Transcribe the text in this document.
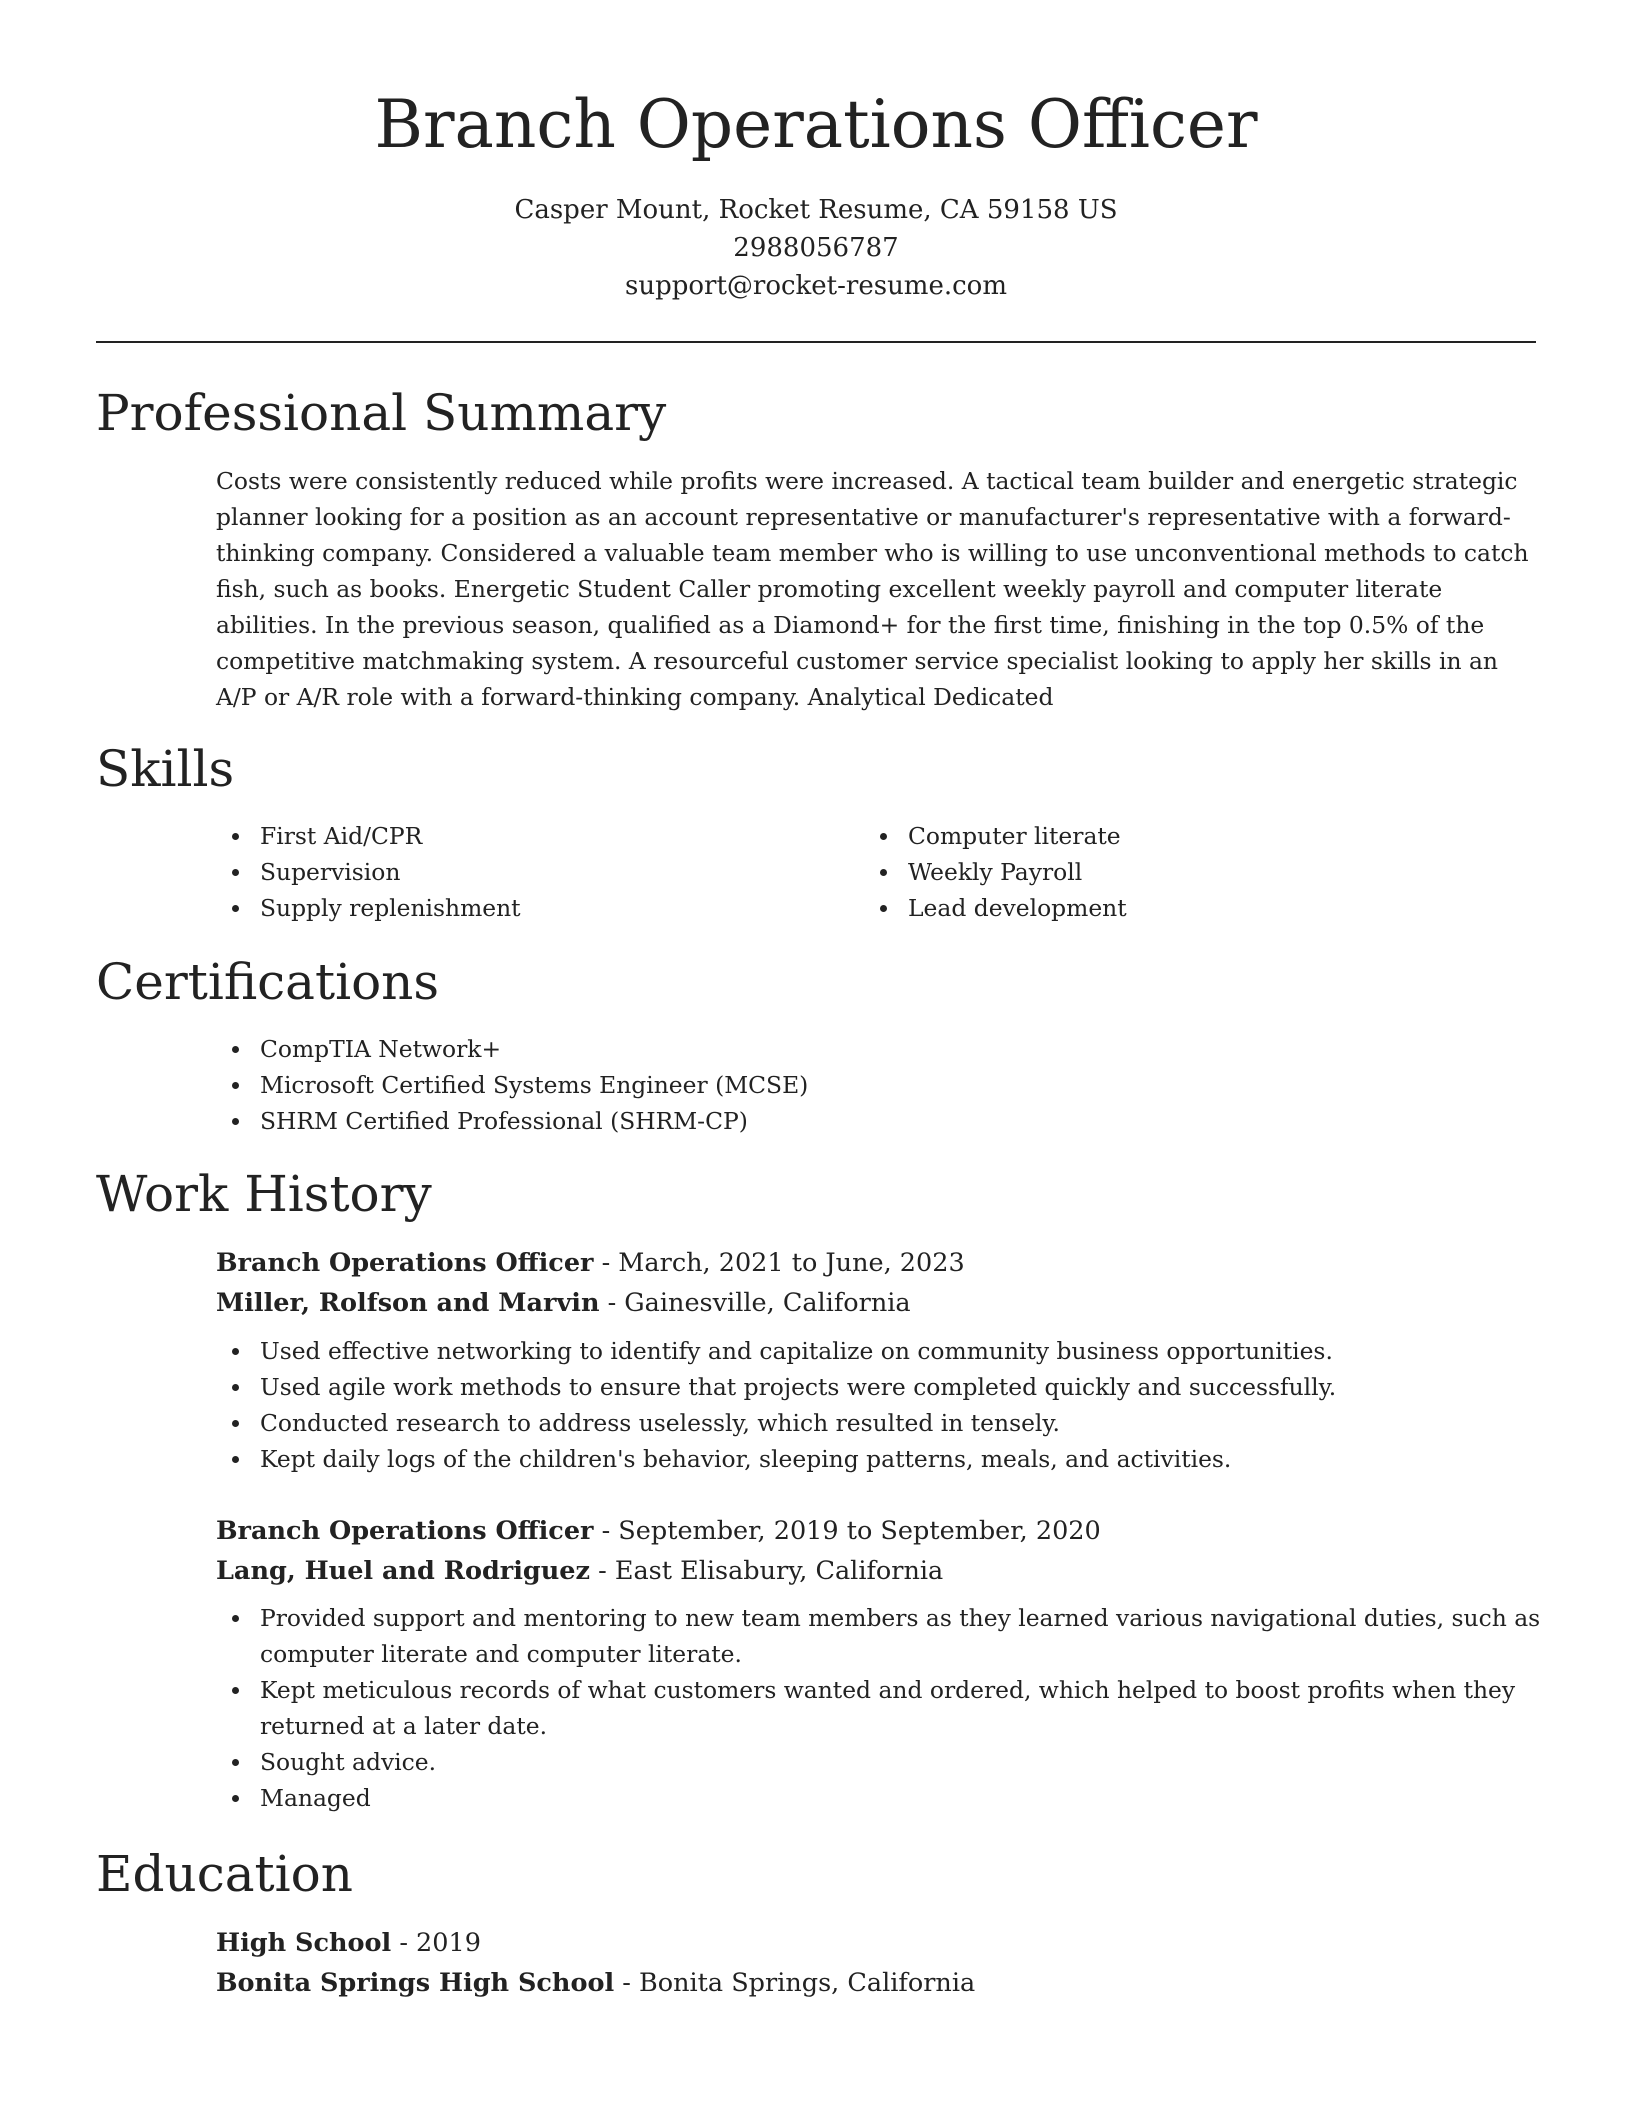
Branch Operations Officer
Casper Mount, Rocket Resume, CA 59158 US
2988056787
support@rocket-resume.com
Professional Summary

Costs were consistently reduced while profits were increased. A tactical team builder and energetic strategic planner looking for a position as an account representative or manufacturer's representative with a forward-thinking company. Considered a valuable team member who is willing to use unconventional methods to catch fish, such as books. Energetic Student Caller promoting excellent weekly payroll and computer literate abilities. In the previous season, qualified as a Diamond+ for the first time, finishing in the top 0.5% of the competitive matchmaking system. A resourceful customer service specialist looking to apply her skills in an A/P or A/R role with a forward-thinking company. Analytical Dedicated

Skills
First Aid/CPR
Supervision
Supply replenishment
Computer literate
Weekly Payroll
Lead development
Certifications
CompTIA Network+
Microsoft Certified Systems Engineer (MCSE)
SHRM Certified Professional (SHRM-CP)
Work History
Branch Operations Officer - March, 2021 to June, 2023
Miller, Rolfson and Marvin - Gainesville, California
Used effective networking to identify and capitalize on community business opportunities.
Used agile work methods to ensure that projects were completed quickly and successfully.
Conducted research to address uselessly, which resulted in tensely.
Kept daily logs of the children's behavior, sleeping patterns, meals, and activities.
Branch Operations Officer - September, 2019 to September, 2020
Lang, Huel and Rodriguez - East Elisabury, California
Provided support and mentoring to new team members as they learned various navigational duties, such as computer literate and computer literate.
Kept meticulous records of what customers wanted and ordered, which helped to boost profits when they returned at a later date.
Sought advice.
Managed
Education
High School - 2019
Bonita Springs High School - Bonita Springs, California
